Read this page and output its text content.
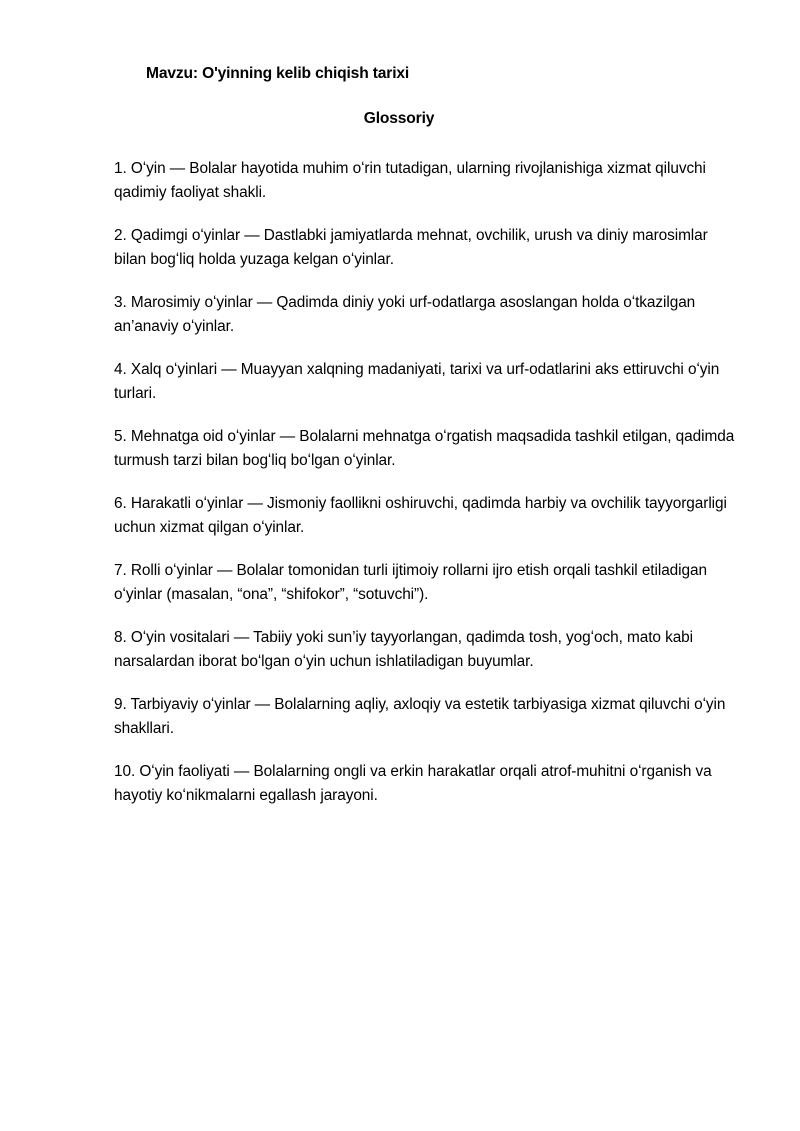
Mavzu: O'yinning kelib chiqish tarixi

Glossoriy

1. Oʻyin — Bolalar hayotida muhim oʻrin tutadigan, ularning rivojlanishiga xizmat qiluvchi qadimiy faoliyat shakli.

2. Qadimgi oʻyinlar — Dastlabki jamiyatlarda mehnat, ovchilik, urush va diniy marosimlar bilan bogʻliq holda yuzaga kelgan oʻyinlar.

3. Marosimiy oʻyinlar — Qadimda diniy yoki urf-odatlarga asoslangan holda oʻtkazilgan an’anaviy oʻyinlar.

4. Xalq oʻyinlari — Muayyan xalqning madaniyati, tarixi va urf-odatlarini aks ettiruvchi oʻyin turlari.

5. Mehnatga oid oʻyinlar — Bolalarni mehnatga oʻrgatish maqsadida tashkil etilgan, qadimda turmush tarzi bilan bogʻliq boʻlgan oʻyinlar.

6. Harakatli oʻyinlar — Jismoniy faollikni oshiruvchi, qadimda harbiy va ovchilik tayyorgarligi uchun xizmat qilgan oʻyinlar.

7. Rolli oʻyinlar — Bolalar tomonidan turli ijtimoiy rollarni ijro etish orqali tashkil etiladigan oʻyinlar (masalan, “ona”, “shifokor”, “sotuvchi”).

8. Oʻyin vositalari — Tabiiy yoki sun’iy tayyorlangan, qadimda tosh, yogʻoch, mato kabi narsalardan iborat boʻlgan oʻyin uchun ishlatiladigan buyumlar.

9. Tarbiyaviy oʻyinlar — Bolalarning aqliy, axloqiy va estetik tarbiyasiga xizmat qiluvchi oʻyin shakllari.

10. Oʻyin faoliyati — Bolalarning ongli va erkin harakatlar orqali atrof-muhitni oʻrganish va hayotiy koʻnikmalarni egallash jarayoni.
